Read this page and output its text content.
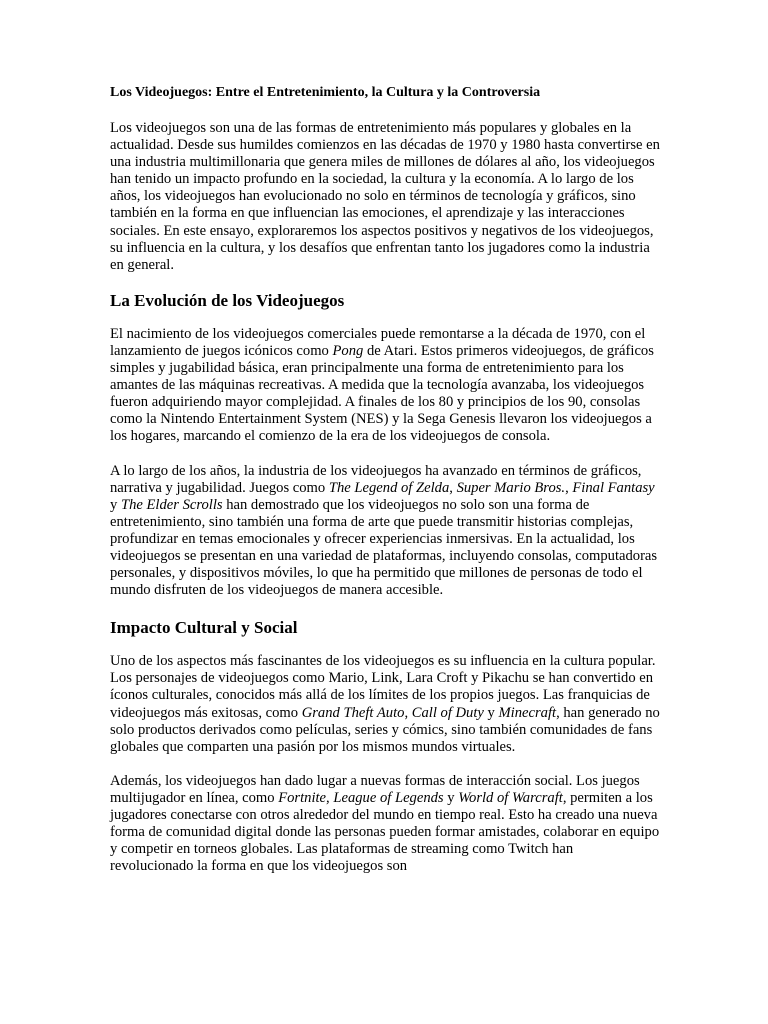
Los Videojuegos: Entre el Entretenimiento, la Cultura y la Controversia

Los videojuegos son una de las formas de entretenimiento más populares y globales en la actualidad. Desde sus humildes comienzos en las décadas de 1970 y 1980 hasta convertirse en una industria multimillonaria que genera miles de millones de dólares al año, los videojuegos han tenido un impacto profundo en la sociedad, la cultura y la economía. A lo largo de los años, los videojuegos han evolucionado no solo en términos de tecnología y gráficos, sino también en la forma en que influencian las emociones, el aprendizaje y las interacciones sociales. En este ensayo, exploraremos los aspectos positivos y negativos de los videojuegos, su influencia en la cultura, y los desafíos que enfrentan tanto los jugadores como la industria en general.

La Evolución de los Videojuegos

El nacimiento de los videojuegos comerciales puede remontarse a la década de 1970, con el lanzamiento de juegos icónicos como Pong de Atari. Estos primeros videojuegos, de gráficos simples y jugabilidad básica, eran principalmente una forma de entretenimiento para los amantes de las máquinas recreativas. A medida que la tecnología avanzaba, los videojuegos fueron adquiriendo mayor complejidad. A finales de los 80 y principios de los 90, consolas como la Nintendo Entertainment System (NES) y la Sega Genesis llevaron los videojuegos a los hogares, marcando el comienzo de la era de los videojuegos de consola.

A lo largo de los años, la industria de los videojuegos ha avanzado en términos de gráficos, narrativa y jugabilidad. Juegos como The Legend of Zelda, Super Mario Bros., Final Fantasy y The Elder Scrolls han demostrado que los videojuegos no solo son una forma de entretenimiento, sino también una forma de arte que puede transmitir historias complejas, profundizar en temas emocionales y ofrecer experiencias inmersivas. En la actualidad, los videojuegos se presentan en una variedad de plataformas, incluyendo consolas, computadoras personales, y dispositivos móviles, lo que ha permitido que millones de personas de todo el mundo disfruten de los videojuegos de manera accesible.

Impacto Cultural y Social

Uno de los aspectos más fascinantes de los videojuegos es su influencia en la cultura popular. Los personajes de videojuegos como Mario, Link, Lara Croft y Pikachu se han convertido en íconos culturales, conocidos más allá de los límites de los propios juegos. Las franquicias de videojuegos más exitosas, como Grand Theft Auto, Call of Duty y Minecraft, han generado no solo productos derivados como películas, series y cómics, sino también comunidades de fans globales que comparten una pasión por los mismos mundos virtuales.

Además, los videojuegos han dado lugar a nuevas formas de interacción social. Los juegos multijugador en línea, como Fortnite, League of Legends y World of Warcraft, permiten a los jugadores conectarse con otros alrededor del mundo en tiempo real. Esto ha creado una nueva forma de comunidad digital donde las personas pueden formar amistades, colaborar en equipo y competir en torneos globales. Las plataformas de streaming como Twitch han revolucionado la forma en que los videojuegos son
